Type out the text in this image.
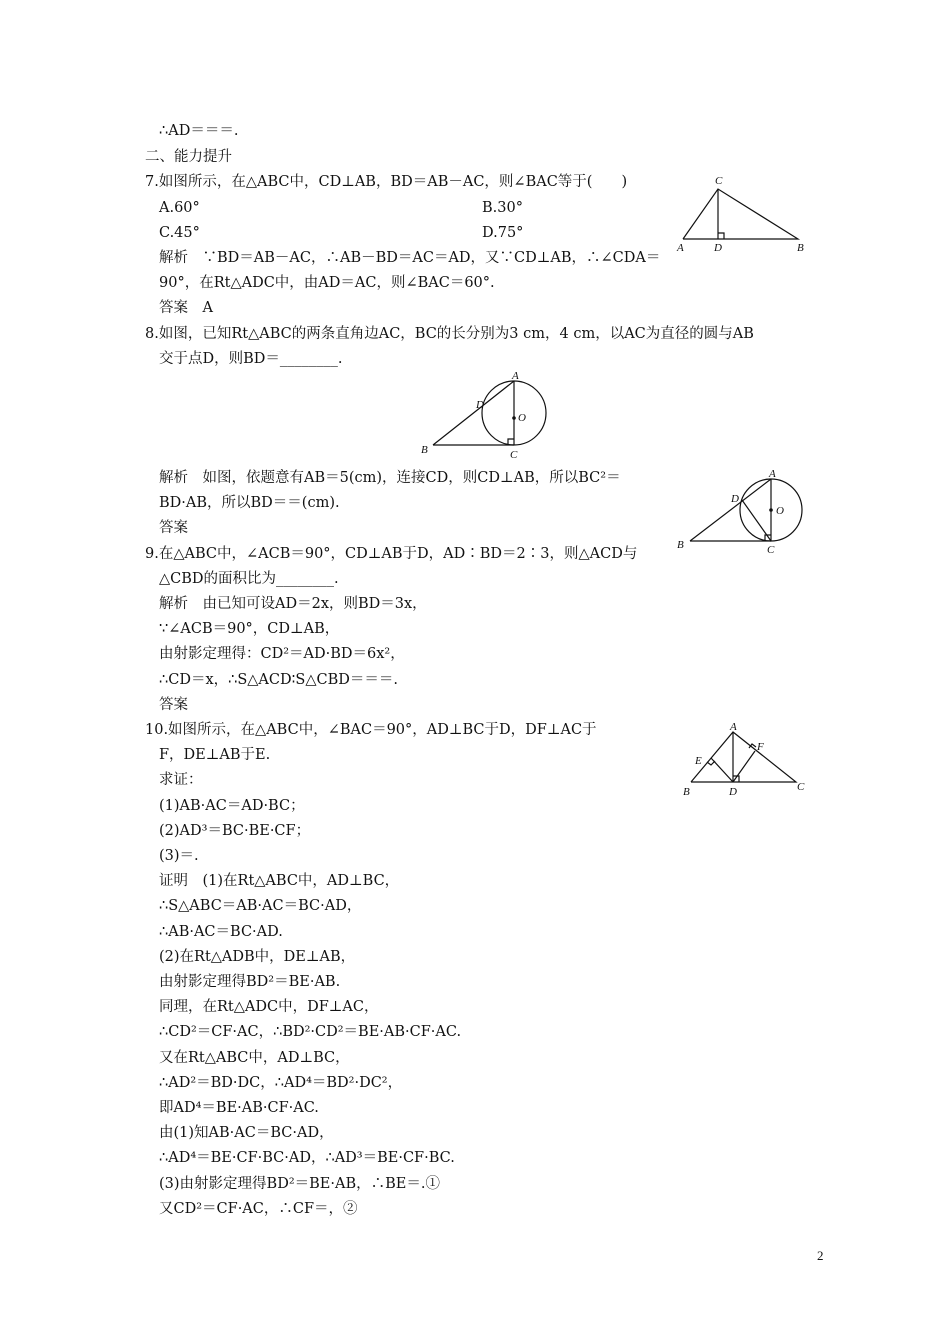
∴AD＝＝＝.
二、能力提升
7.如图所示，在△ABC中，CD⊥AB，BD＝AB－AC，则∠BAC等于(　　)
A.60°	B.30°
C.45°	D.75°
解析　∵BD＝AB－AC，∴AB－BD＝AC＝AD，又∵CD⊥AB，∴∠CDA＝
90°，在Rt△ADC中，由AD＝AC，则∠BAC＝60°.
答案　A
8.如图，已知Rt△ABC的两条直角边AC，BC的长分别为3 cm，4 cm，以AC为直径的圆与AB
交于点D，则BD＝________.
解析　如图，依题意有AB＝5(cm)，连接CD，则CD⊥AB，所以BC²＝
BD·AB，所以BD＝＝(cm).
答案
9.在△ABC中，∠ACB＝90°，CD⊥AB于D，AD∶BD＝2∶3，则△ACD与
△CBD的面积比为________.
解析　由已知可设AD＝2x，则BD＝3x，
∵∠ACB＝90°，CD⊥AB，
由射影定理得：CD²＝AD·BD＝6x²，
∴CD＝x，∴S△ACD∶S△CBD＝＝＝.
答案
10.如图所示，在△ABC中，∠BAC＝90°，AD⊥BC于D，DF⊥AC于
F，DE⊥AB于E.
求证：
(1)AB·AC＝AD·BC；
(2)AD³＝BC·BE·CF；
(3)＝.
证明　(1)在Rt△ABC中，AD⊥BC，
∴S△ABC＝AB·AC＝BC·AD，
∴AB·AC＝BC·AD.
(2)在Rt△ADB中，DE⊥AB，
由射影定理得BD²＝BE·AB.
同理，在Rt△ADC中，DF⊥AC，
∴CD²＝CF·AC，∴BD²·CD²＝BE·AB·CF·AC.
又在Rt△ABC中，AD⊥BC，
∴AD²＝BD·DC，∴AD⁴＝BD²·DC²，
即AD⁴＝BE·AB·CF·AC.
由(1)知AB·AC＝BC·AD，
∴AD⁴＝BE·CF·BC·AD，∴AD³＝BE·CF·BC.
(3)由射影定理得BD²＝BE·AB，∴BE＝.①
又CD²＝CF·AC，∴CF＝，②
C
A	D	B
A
D
O
B	C
A
D
O
B	C
A
E
F
B	D	C
2
